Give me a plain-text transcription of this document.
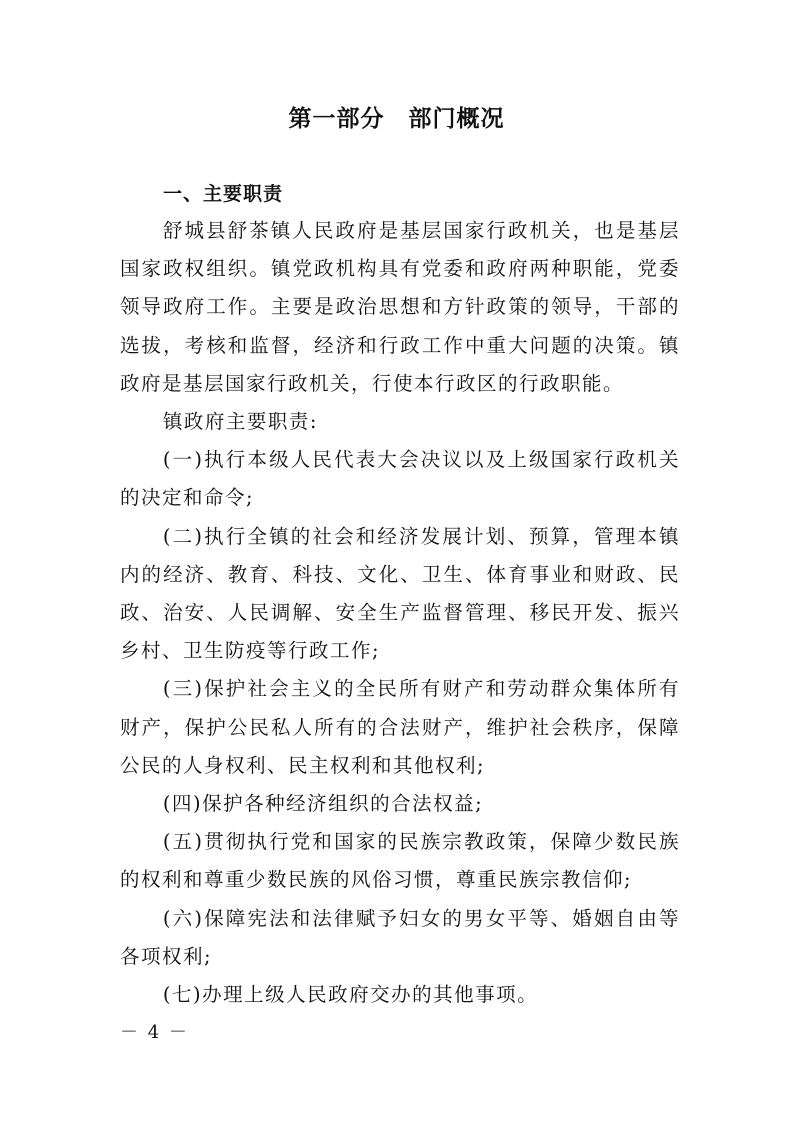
第一部分　部门概况
一、主要职责

舒城县舒茶镇人民政府是基层国家行政机关，也是基层国家政权组织。镇党政机构具有党委和政府两种职能，党委领导政府工作。主要是政治思想和方针政策的领导，干部的选拔，考核和监督，经济和行政工作中重大问题的决策。镇政府是基层国家行政机关，行使本行政区的行政职能。

镇政府主要职责:

(一)执行本级人民代表大会决议以及上级国家行政机关的决定和命令;

(二)执行全镇的社会和经济发展计划、预算，管理本镇内的经济、教育、科技、文化、卫生、体育事业和财政、民政、治安、人民调解、安全生产监督管理、移民开发、振兴乡村、卫生防疫等行政工作;

(三)保护社会主义的全民所有财产和劳动群众集体所有财产，保护公民私人所有的合法财产，维护社会秩序，保障公民的人身权利、民主权利和其他权利;

(四)保护各种经济组织的合法权益;

(五)贯彻执行党和国家的民族宗教政策，保障少数民族的权利和尊重少数民族的风俗习惯，尊重民族宗教信仰;

(六)保障宪法和法律赋予妇女的男女平等、婚姻自由等各项权利;

(七)办理上级人民政府交办的其他事项。

－ 4 －
